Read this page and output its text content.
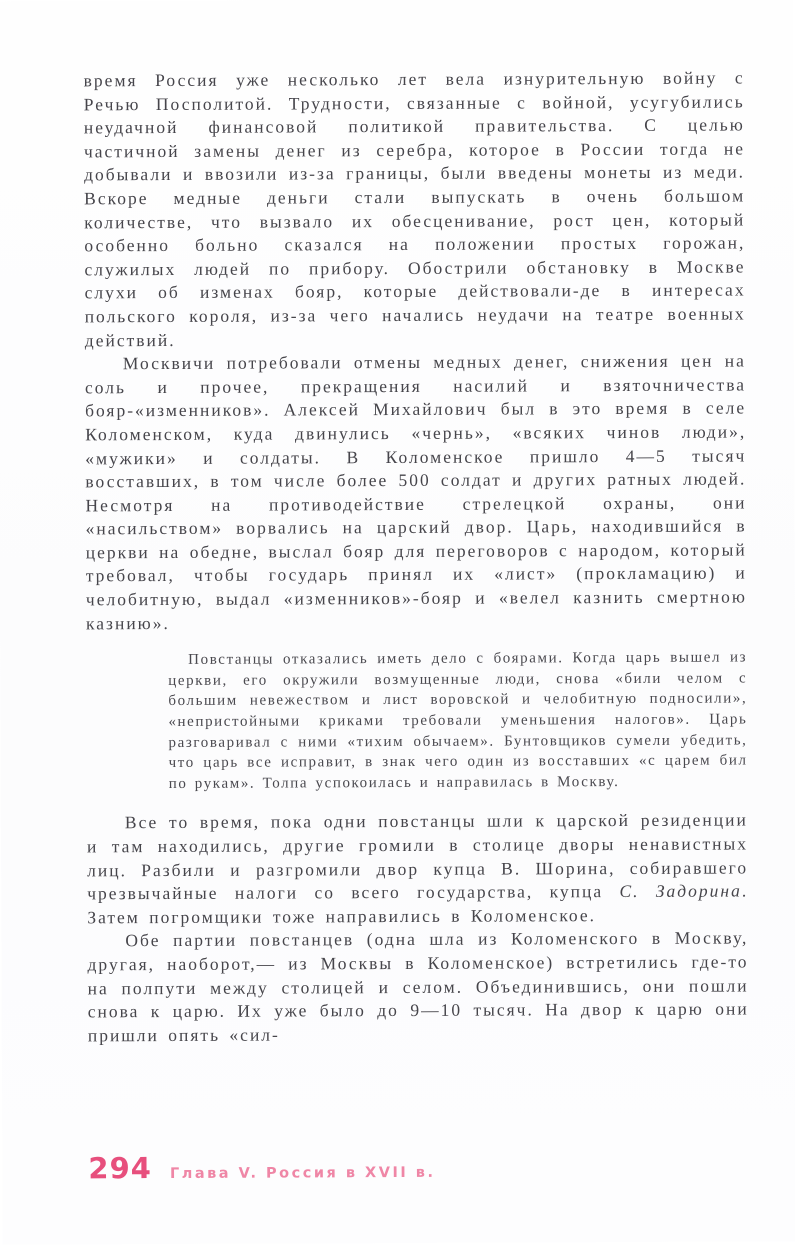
время Россия уже несколько лет вела изнурительную войну с Речью Посполитой. Трудности, связанные с войной, усугубились неудачной финансовой политикой правительства. С целью частичной замены денег из серебра, которое в России тогда не добывали и ввозили из-за границы, были введены монеты из меди. Вскоре медные деньги стали выпускать в очень большом количестве, что вызвало их обесценивание, рост цен, который особенно больно сказался на положении простых горожан, служилых людей по прибору. Обострили обстановку в Москве слухи об изменах бояр, которые действовали-де в интересах польского короля, из-за чего начались неудачи на театре военных действий.

Москвичи потребовали отмены медных денег, снижения цен на соль и прочее, прекращения насилий и взяточничества бояр-«изменников». Алексей Михайлович был в это время в селе Коломенском, куда двинулись «чернь», «всяких чинов люди», «мужики» и солдаты. В Коломенское пришло 4—5 тысяч восставших, в том числе более 500 солдат и других ратных людей. Несмотря на противодействие стрелецкой охраны, они «насильством» ворвались на царский двор. Царь, находившийся в церкви на обедне, выслал бояр для переговоров с народом, который требовал, чтобы государь принял их «лист» (прокламацию) и челобитную, выдал «изменников»-бояр и «велел казнить смертною казнию».

Повстанцы отказались иметь дело с боярами. Когда царь вышел из церкви, его окружили возмущенные люди, снова «били челом с большим невежеством и лист воровской и челобитную подносили», «непристойными криками требовали уменьшения налогов». Царь разговаривал с ними «тихим обычаем». Бунтовщиков сумели убедить, что царь все исправит, в знак чего один из восставших «с царем бил по рукам». Толпа успокоилась и направилась в Москву.

Все то время, пока одни повстанцы шли к царской резиденции и там находились, другие громили в столице дворы ненавистных лиц. Разбили и разгромили двор купца В. Шорина, собиравшего чрезвычайные налоги со всего государства, купца С. Задорина. Затем погромщики тоже направились в Коломенское.

Обе партии повстанцев (одна шла из Коломенского в Москву, другая, наоборот,— из Москвы в Коломенское) встретились где-то на полпути между столицей и селом. Объединившись, они пошли снова к царю. Их уже было до 9—10 тысяч. На двор к царю они пришли опять «сил-

294 Глава V. Россия в XVII в.
